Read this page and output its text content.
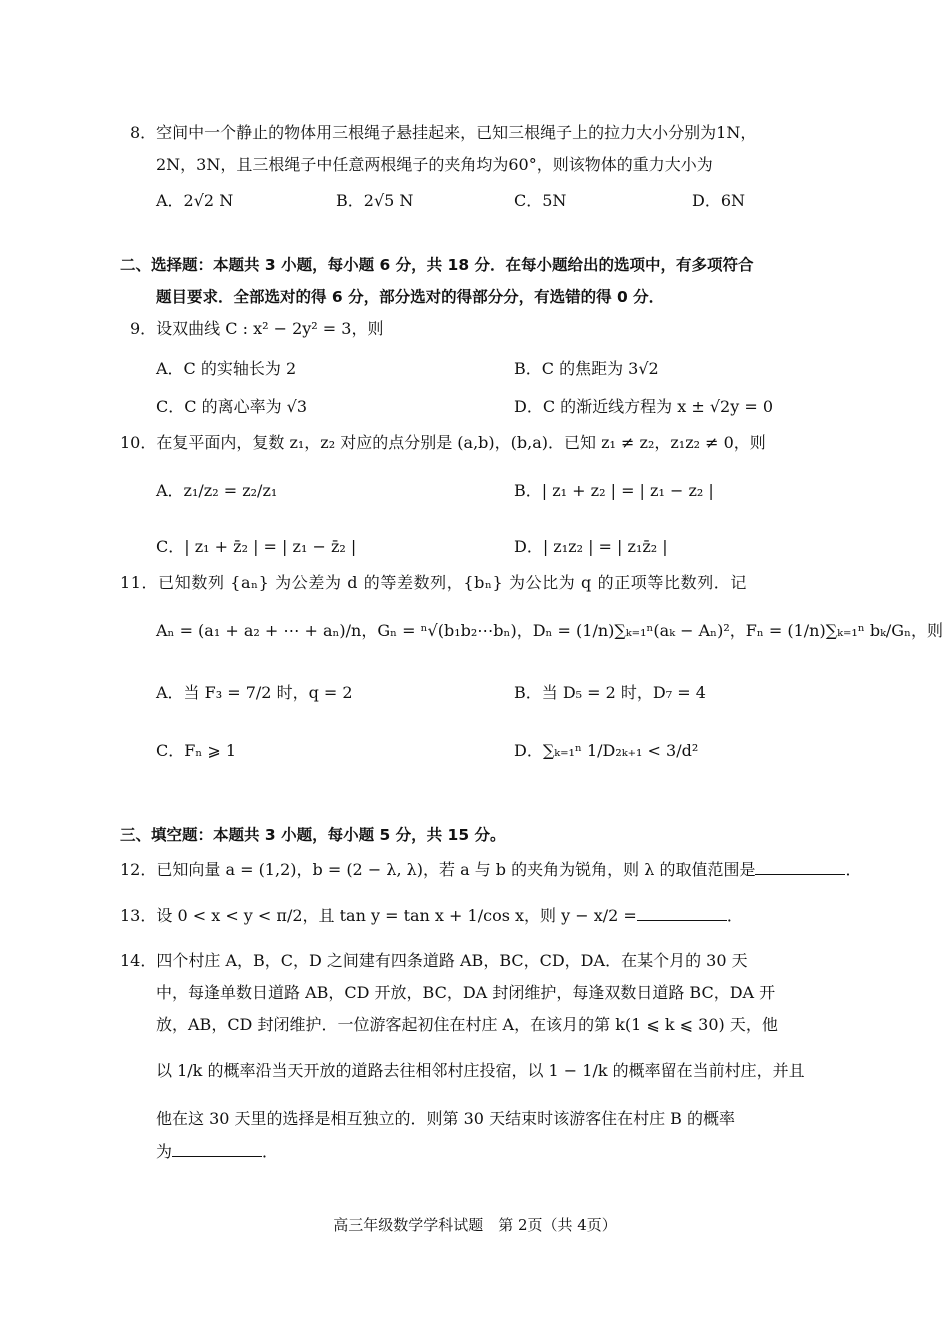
8．空间中一个静止的物体用三根绳子悬挂起来，已知三根绳子上的拉力大小分别为1N，
2N，3N，且三根绳子中任意两根绳子的夹角均为60°，则该物体的重力大小为
A．2√2 N	B．2√5 N	C．5N	D．6N
二、选择题：本题共 3 小题，每小题 6 分，共 18 分．在每小题给出的选项中，有多项符合
题目要求．全部选对的得 6 分，部分选对的得部分分，有选错的得 0 分．
9．设双曲线 C : x² − 2y² = 3，则
A．C 的实轴长为 2	B．C 的焦距为 3√2
C．C 的离心率为 √3	D．C 的渐近线方程为 x ± √2y = 0
10．在复平面内，复数 z₁，z₂ 对应的点分别是 (a,b)，(b,a)．已知 z₁ ≠ z₂，z₁z₂ ≠ 0，则
A．z₁/z₂ = z₂/z₁	B．| z₁ + z₂ | = | z₁ − z₂ |
C．| z₁ + z̄₂ | = | z₁ − z̄₂ |	D．| z₁z₂ | = | z₁z̄₂ |
11．已知数列 {aₙ} 为公差为 d 的等差数列，{bₙ} 为公比为 q 的正项等比数列．记
Aₙ = (a₁ + a₂ + ⋯ + aₙ)/n，Gₙ = ⁿ√(b₁b₂⋯bₙ)，Dₙ = (1/n)∑ₖ₌₁ⁿ(aₖ − Aₙ)²，Fₙ = (1/n)∑ₖ₌₁ⁿ bₖ/Gₙ，则
A．当 F₃ = 7/2 时，q = 2	B．当 D₅ = 2 时，D₇ = 4
C．Fₙ ⩾ 1	D．∑ₖ₌₁ⁿ 1/D₂ₖ₊₁ < 3/d²
三、填空题：本题共 3 小题，每小题 5 分，共 15 分。
12．已知向量 a = (1,2)，b = (2 − λ, λ)，若 a 与 b 的夹角为锐角，则 λ 的取值范围是	．
13．设 0 < x < y < π/2，且 tan y = tan x + 1/cos x，则 y − x/2 =	．
14．四个村庄 A，B，C，D 之间建有四条道路 AB，BC，CD，DA．在某个月的 30 天
中，每逢单数日道路 AB，CD 开放，BC，DA 封闭维护，每逢双数日道路 BC，DA 开
放，AB，CD 封闭维护．一位游客起初住在村庄 A，在该月的第 k(1 ⩽ k ⩽ 30) 天，他
以 1/k 的概率沿当天开放的道路去往相邻村庄投宿，以 1 − 1/k 的概率留在当前村庄，并且
他在这 30 天里的选择是相互独立的．则第 30 天结束时该游客住在村庄 B 的概率
为	．
高三年级数学学科试题　第 2页（共 4页）
